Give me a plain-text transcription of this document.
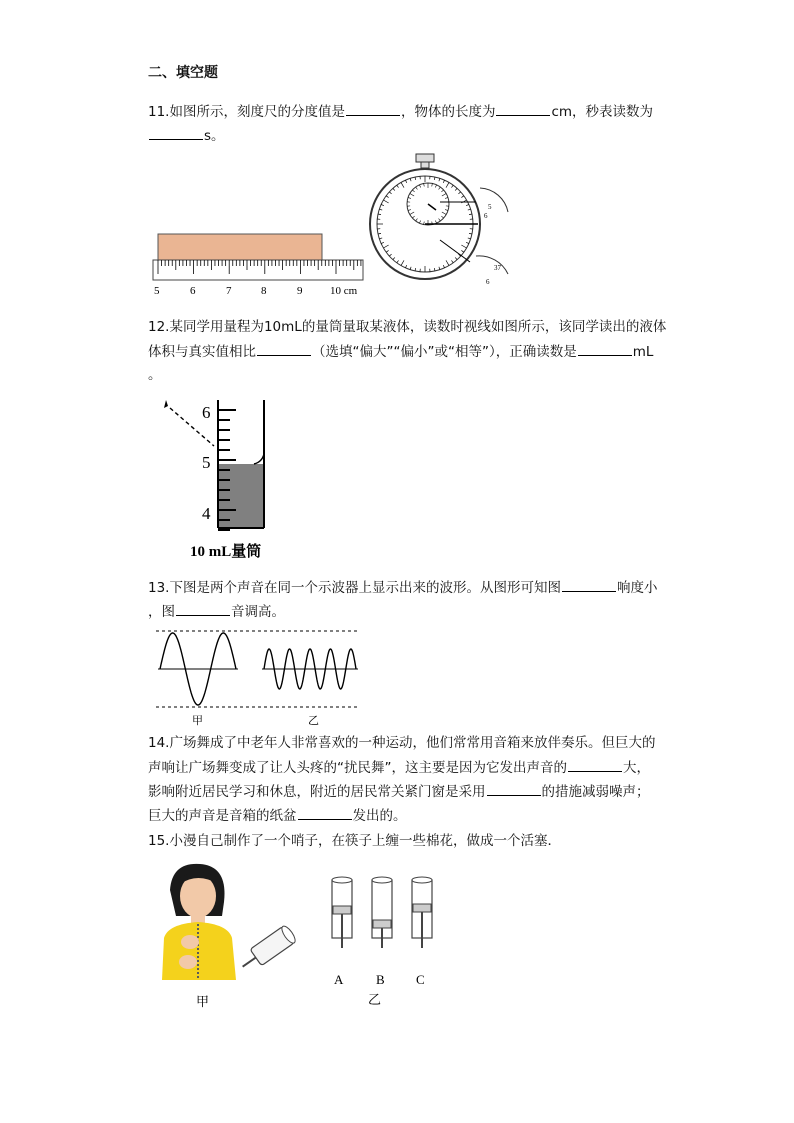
二、填空题
11.如图所示，刻度尺的分度值是	，物体的长度为	cm，秒表读数为
s。
5	6	7	8	9	10 cm
5
6
37
6
12.某同学用量程为10mL的量筒量取某液体，读数时视线如图所示，该同学读出的液体
体积与真实值相比	（选填“偏大”“偏小”或“相等”），正确读数是	mL
。
6
5
4
10 mL量筒
13.下图是两个声音在同一个示波器上显示出来的波形。从图形可知图	响度小
，图	音调高。
甲	乙
14.广场舞成了中老年人非常喜欢的一种运动，他们常常用音箱来放伴奏乐。但巨大的
声响让广场舞变成了让人头疼的“扰民舞”，这主要是因为它发出声音的	大，
影响附近居民学习和休息，附近的居民常关紧门窗是采用	的措施减弱噪声；
巨大的声音是音箱的纸盆	发出的。
15.小漫自己制作了一个哨子，在筷子上缠一些棉花，做成一个活塞．
甲
A	B C
乙
